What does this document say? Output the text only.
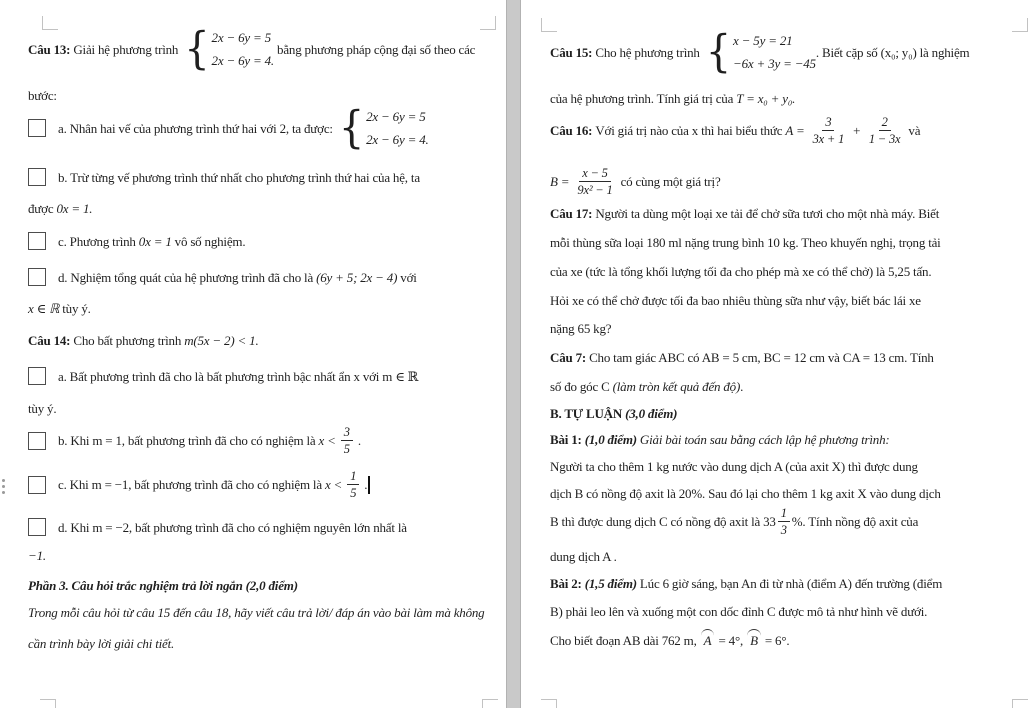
Câu 13: Giải hệ phương trình { 2x − 6y = 5
2x − 6y = 4.
bằng phương pháp cộng đại số theo các
bước:
a. Nhân hai vế của phương trình thứ hai với 2, ta được: { 2x − 6y = 5
2x − 6y = 4.
b. Trừ từng vế phương trình thứ nhất cho phương trình thứ hai của hệ, ta
được 0x = 1.
c. Phương trình 0x = 1 vô số nghiệm.
d. Nghiệm tổng quát của hệ phương trình đã cho là (6y + 5; 2x − 4) với
x ∈ ℝ tùy ý.
Câu 14: Cho bất phương trình m(5x − 2) < 1.
a. Bất phương trình đã cho là bất phương trình bậc nhất ẩn x với m ∈ ℝ
tùy ý.
b. Khi m = 1, bất phương trình đã cho có nghiệm là $x < \frac{3}{5}$ .
c. Khi m = −1, bất phương trình đã cho có nghiệm là $x < \frac{1}{5}$ .
d. Khi m = −2, bất phương trình đã cho có nghiệm nguyên lớn nhất là
−1.
Phần 3. Câu hỏi trắc nghiệm trả lời ngắn (2,0 điểm)
Trong mỗi câu hỏi từ câu 15 đến câu 18, hãy viết câu trả lời/ đáp án vào bài làm mà không
cần trình bày lời giải chi tiết.
Câu 15: Cho hệ phương trình { x − 5y = 21
−6x + 3y = −45
. Biết cặp số (x₀; y₀) là nghiệm
của hệ phương trình. Tính giá trị của T = x₀ + y₀.
Câu 16: Với giá trị nào của x thì hai biểu thức $A = \frac{3}{3x + 1} + \frac{2}{1 - 3x}$ và
$B = \frac{x - 5}{\text{9x² − 1}}$ có cùng một giá trị?
Câu 17: Người ta dùng một loại xe tải để chở sữa tươi cho một nhà máy. Biết
mỗi thùng sữa loại 180 ml nặng trung bình 10 kg. Theo khuyến nghị, trọng tải
của xe (tức là tổng khối lượng tối đa cho phép mà xe có thể chở) là 5,25 tấn.
Hỏi xe có thể chở được tối đa bao nhiêu thùng sữa như vậy, biết bác lái xe
nặng 65 kg?
Câu 7: Cho tam giác ABC có AB = 5 cm, BC = 12 cm và CA = 13 cm. Tính
số đo góc C (làm tròn kết quả đến độ) .
B. TỰ LUẬN (3,0 điểm)
Bài 1: (1,0 điểm) Giải bài toán sau bằng cách lập hệ phương trình:
Người ta cho thêm 1 kg nước vào dung dịch A (của axit X) thì được dung
dịch B có nồng độ axit là 20%. Sau đó lại cho thêm 1 kg axit X vào dung dịch
B thì được dung dịch C có nồng độ axit là $33 \frac{1}{3}$ %. Tính nồng độ axit của
dung dịch A .
Bài 2: (1,5 điểm) Lúc 6 giờ sáng, bạn An đi từ nhà (điểm A) đến trường (điểm
B) phải leo lên và xuống một con dốc đỉnh C được mô tả như hình vẽ dưới.
Cho biết đoạn AB dài 762 m, A = 4°, B = 6°.
